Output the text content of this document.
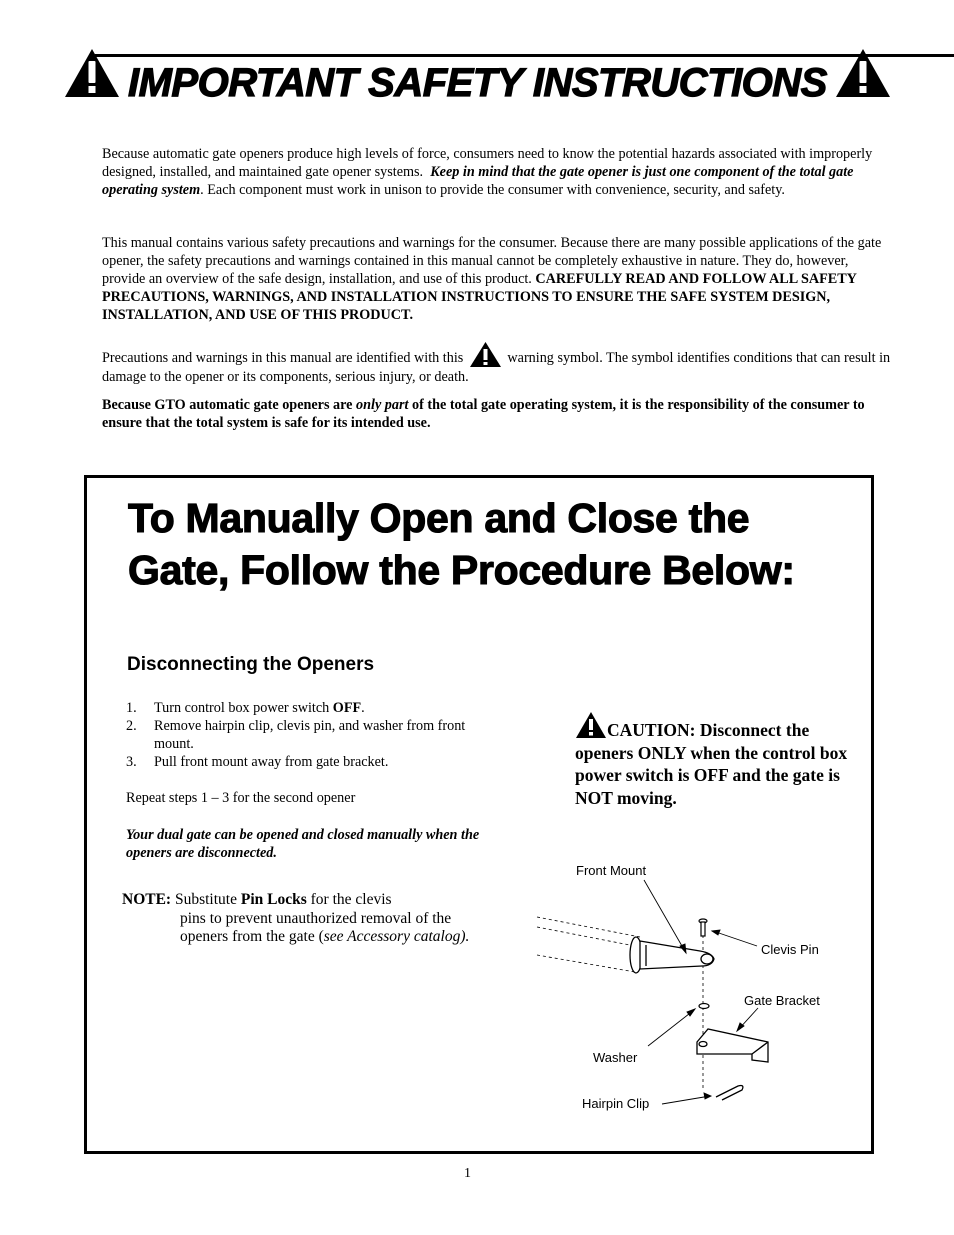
IMPORTANT SAFETY INSTRUCTIONS
Because automatic gate openers produce high levels of force, consumers need to know the potential hazards associated with improperly designed, installed, and maintained gate opener systems. Keep in mind that the gate opener is just one component of the total gate operating system. Each component must work in unison to provide the consumer with convenience, security, and safety.
This manual contains various safety precautions and warnings for the consumer. Because there are many possible applications of the gate opener, the safety precautions and warnings contained in this manual cannot be completely exhaustive in nature. They do, however, provide an overview of the safe design, installation, and use of this product. CAREFULLY READ AND FOLLOW ALL SAFETY PRECAUTIONS, WARNINGS, AND INSTALLATION INSTRUCTIONS TO ENSURE THE SAFE SYSTEM DESIGN, INSTALLATION, AND USE OF THIS PRODUCT.
Precautions and warnings in this manual are identified with this	warning symbol. The symbol identifies conditions that can result in damage to the opener or its components, serious injury, or death.
Because GTO automatic gate openers are only part of the total gate operating system, it is the responsibility of the consumer to ensure that the total system is safe for its intended use.
To Manually Open and Close the Gate, Follow the Procedure Below:
Disconnecting the Openers
1. Turn control box power switch OFF.
2. Remove hairpin clip, clevis pin, and washer from front mount.
3. Pull front mount away from gate bracket.
Repeat steps 1 – 3 for the second opener
Your dual gate can be opened and closed manually when the openers are disconnected.
NOTE: Substitute Pin Locks for the clevis
pins to prevent unauthorized removal of the openers from the gate (see Accessory catalog).
CAUTION: Disconnect the openers ONLY when the control box power switch is OFF and the gate is NOT moving.
Front Mount
Clevis Pin
Gate Bracket
Washer
Hairpin Clip
1
